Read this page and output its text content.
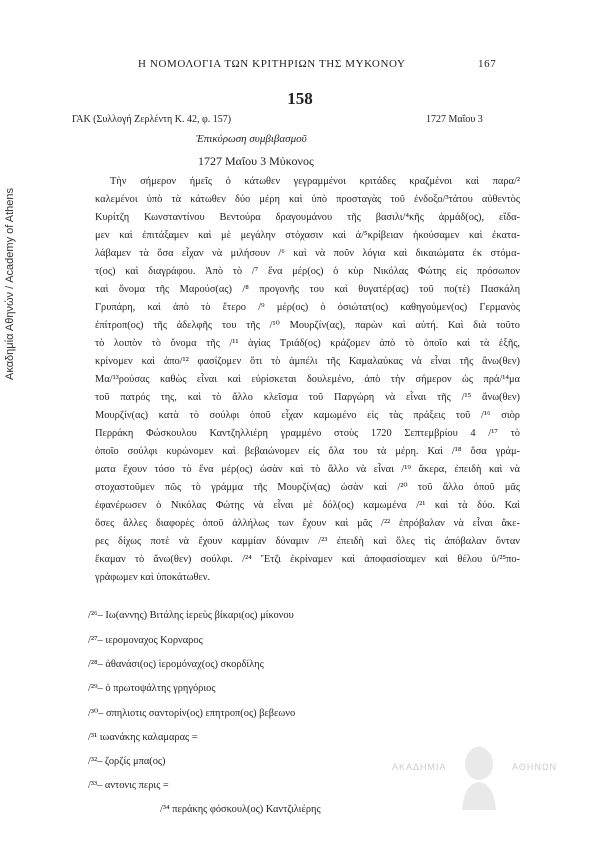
Ακαδημία Αθηνών / Academy of Athens
Η ΝΟΜΟΛΟΓΙΑ ΤΩΝ ΚΡΙΤΗΡΙΩΝ ΤΗΣ ΜΥΚΟΝΟΥ	167
158
ΓΑΚ (Συλλογή Ζερλέντη Κ. 42, φ. 157)	1727 Μαΐου 3
Ἐπικύρωση συμβιβασμοῦ
1727 Μαΐου 3 Μύκονος
Τὴν σήμερον ἡμεῖς ὁ κάτωθεν γεγραμμένοι κριτάδες κραζμένοι καὶ παρα/²
καλεμένοι ὑπὸ τὰ κάτωθεν δύο μέρη καὶ ὑπὸ προσταγὰς τοῦ ἐνδοξο/³τάτου αὐθεντὸς
Κυρίτζη Κωνσταντίνου Βεντούρα δραγουμάνου τῆς βασιλι/⁴κῆς ἀρμάδ(ος), εἴδα-
μεν καὶ ἐπιτάξαμεν καὶ μὲ μεγάλην στόχασιν καὶ ἀ/⁵κρίβειαν ἠκούσαμεν καὶ ἐκατα-
λάβαμεν τὰ ὅσα εἶχαν νὰ μιλήσουν /⁶ καὶ νὰ ποῦν λόγια καὶ δικαιώματα ἐκ στόμα-
τ(ος) καὶ διαγράφου. Ἀπὸ τὸ /⁷ ἕνα μέρ(ος) ὁ κὺρ Νικόλας Φώτης εἰς πρόσωπον
καὶ ὄνομα τῆς Μαρούσ(ας) /⁸ προγονῆς του καὶ θυγατέρ(ας) τοῦ πο(τὲ) Πασκάλη
Γρυπάρη, καὶ ἀπὸ τὸ ἕτερο /⁹ μέρ(ος) ὁ ὁσιώτατ(ος) καθηγούμεν(ος) Γερμανὸς
ἐπίτροπ(ος) τῆς ἀδελφῆς του τῆς /¹⁰ Μουρζίν(ας), παρὼν καὶ αὐτή. Καὶ διὰ τοῦτο
τὸ λοιπὸν τὸ ὄνομα τῆς /¹¹ ἁγίας Τριάδ(ος) κράζομεν ἀπὸ τὸ ὁποῖο καὶ τὰ ἑξῆς,
κρίνομεν καὶ ἀπο/¹² φασίζομεν ὅτι τὸ ἀμπέλι τῆς Καμαλαύκας νὰ εἶναι τῆς ἄνω(θεν)
Μα/¹³ρούσας καθὼς εἶναι καὶ εὑρίσκεται δουλεμένο, ἀπὸ τὴν σήμερον ὡς πρά/¹⁴μα
τοῦ πατρός της, καὶ τὸ ἄλλο κλεῖσμα τοῦ Παργώρη νὰ εἶναι τῆς /¹⁵ ἄνω(θεν)
Μουρζίν(ας) κατὰ τὸ σούλφι ὁποῦ εἶχαν καμωμένο εἰς τὰς πράξεις τοῦ /¹⁶ σιὸρ
Περράκη Φώσκουλου Καντζηλλιέρη γραμμένο στοὺς 1720 Σεπτεμβρίου 4 /¹⁷ τὸ
ὁποῖο σούλφι κυρώνομεν καὶ βεβαιώνομεν εἰς ὅλα του τὰ μέρη. Καὶ /¹⁸ ὅσα γράμ-
ματα ἔχουν τόσο τὸ ἕνα μέρ(ος) ὡσὰν καὶ τὸ ἄλλο νὰ εἶναι /¹⁹ ἄκερα, ἐπειδὴ καὶ νὰ
στοχαστοῦμεν πῶς τὸ γράμμα τῆς Μουρζίν(ας) ὡσὰν καὶ /²⁰ τοῦ ἄλλο ὁποῦ μᾶς
ἐφανέρωσεν ὁ Νικόλας Φώτης νὰ εἶναι μὲ δόλ(ος) καμωμένα /²¹ καὶ τὰ δύο. Καὶ
ὅσες ἄλλες διαφορὲς ὁποῦ ἀλλήλως των ἔχουν καὶ μᾶς /²² ἐπρόβαλαν νὰ εἶναι ἄκε-
ρες δίχως ποτὲ νὰ ἔχουν καμμίαν δύναμιν /²³ ἐπειδὴ καὶ ὅλες τὶς ἀπόβαλαν ὄνταν
ἔκαμαν τὸ ἄνω(θεν) σούλφι. /²⁴ Ἔτζι ἐκρίναμεν καὶ ἀποφασίσαμεν καὶ θέλου ὑ/²⁵πο-
γράφωμεν καὶ ὑποκάτωθεν.
/²⁶– Ιω(αννης) Βιτάλης ἱερεὺς βίκαρι(ος) μίκονου
/²⁷– ιερομοναχος Κορναρος
/²⁸– ἀθανάσι(ος) ἱερομόναχ(ος) σκορδίλης
/²⁹– ὁ πρωτοψάλτης γρηγόριος
/³⁰– σπηλιοτις σαντορίν(ος) επητροπ(ος) βεβεωνο
/³¹ ιωανάκης καλαμαρας =
/³²– ζορζίς μπα(ος)
/³³– αντονις περις =
/³⁴ περάκης φόσκουλ(ος) Καντζιλιέρης
ΑΚΑΔΗΜΙΑ	ΑΘΗΝΩΝ
